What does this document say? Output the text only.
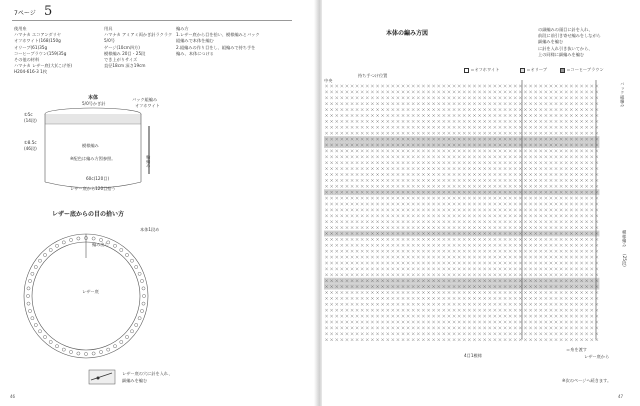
7ページ 5
使用糸
ハマナカ エコアンダリヤ
オフホワイト(168)150g
オリーブ(61)35g
コーヒーブラウン(159)35g
その他の材料
ハマナカ レザー底(大)(こげ茶)
H204-616-3 1枚
用具
ハマナカ アミアミ両かぎ針ラクラク
5/0号
ゲージ(10cm四方)
模様編み 20目・25段
でき上がりサイズ
直径18cm 深さ19cm
編み方
1.レザー底から目を拾い、模様編みとバック
組編みで本体を編む
2.組編みの作り目をし、組編みで持ち手を
編み、本体につける
本体
5/0号かぎ針
バック組編み
オフホワイト
①5c
(14段)
①8.5c
(46段)
模様編み
※配色は編み方図参照。	輪編み
60c(120目)
レザー底から120目拾う
レザー底からの目の拾い方
本体1段め
編み出し
レザー底
レザー底の穴に針を入れ、
細編みを編む
46
本体の編み方図
の細編みの頭目に針を入れ、
前段に前引き寄せ編みをしながら
細編みを編む
に針を入れ引き抜いてから、
上の同様に細編みを編む
＝オフホワイト	＝オリーブ	＝コーヒーブラウン
持ち手つけ位置
中央
バック組編み
模様編み
(25段)
4目1模様
＝糸を渡す
レザー底から
※次のページへ続きます。
47
